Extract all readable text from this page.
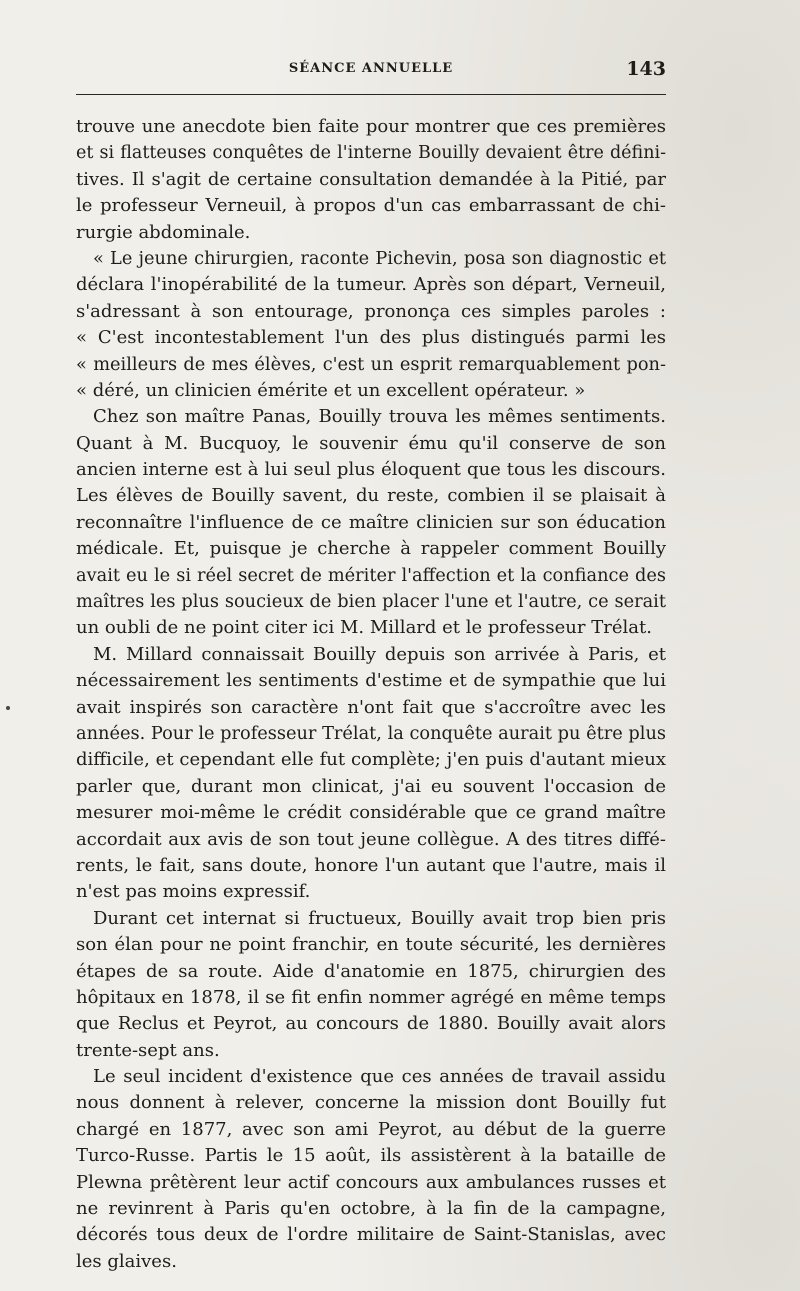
SÉANCE ANNUELLE	143
trouve une anecdote bien faite pour montrer que ces premières
et si flatteuses conquêtes de l'interne Bouilly devaient être défini-
tives. Il s'agit de certaine consultation demandée à la Pitié, par
le professeur Verneuil, à propos d'un cas embarrassant de chi-
rurgie abdominale.
« Le jeune chirurgien, raconte Pichevin, posa son diagnostic et
déclara l'inopérabilité de la tumeur. Après son départ, Verneuil,
s'adressant à son entourage, prononça ces simples paroles :
« C'est incontestablement l'un des plus distingués parmi les
« meilleurs de mes élèves, c'est un esprit remarquablement pon-
« déré, un clinicien émérite et un excellent opérateur. »
Chez son maître Panas, Bouilly trouva les mêmes sentiments.
Quant à M. Bucquoy, le souvenir ému qu'il conserve de son
ancien interne est à lui seul plus éloquent que tous les discours.
Les élèves de Bouilly savent, du reste, combien il se plaisait à
reconnaître l'influence de ce maître clinicien sur son éducation
médicale. Et, puisque je cherche à rappeler comment Bouilly
avait eu le si réel secret de mériter l'affection et la confiance des
maîtres les plus soucieux de bien placer l'une et l'autre, ce serait
un oubli de ne point citer ici M. Millard et le professeur Trélat.
M. Millard connaissait Bouilly depuis son arrivée à Paris, et
nécessairement les sentiments d'estime et de sympathie que lui
avait inspirés son caractère n'ont fait que s'accroître avec les
années. Pour le professeur Trélat, la conquête aurait pu être plus
difficile, et cependant elle fut complète; j'en puis d'autant mieux
parler que, durant mon clinicat, j'ai eu souvent l'occasion de
mesurer moi-même le crédit considérable que ce grand maître
accordait aux avis de son tout jeune collègue. A des titres diffé-
rents, le fait, sans doute, honore l'un autant que l'autre, mais il
n'est pas moins expressif.
Durant cet internat si fructueux, Bouilly avait trop bien pris
son élan pour ne point franchir, en toute sécurité, les dernières
étapes de sa route. Aide d'anatomie en 1875, chirurgien des
hôpitaux en 1878, il se fit enfin nommer agrégé en même temps
que Reclus et Peyrot, au concours de 1880. Bouilly avait alors
trente-sept ans.
Le seul incident d'existence que ces années de travail assidu
nous donnent à relever, concerne la mission dont Bouilly fut
chargé en 1877, avec son ami Peyrot, au début de la guerre
Turco-Russe. Partis le 15 août, ils assistèrent à la bataille de
Plewna prêtèrent leur actif concours aux ambulances russes et
ne revinrent à Paris qu'en octobre, à la fin de la campagne,
décorés tous deux de l'ordre militaire de Saint-Stanislas, avec
les glaives.
